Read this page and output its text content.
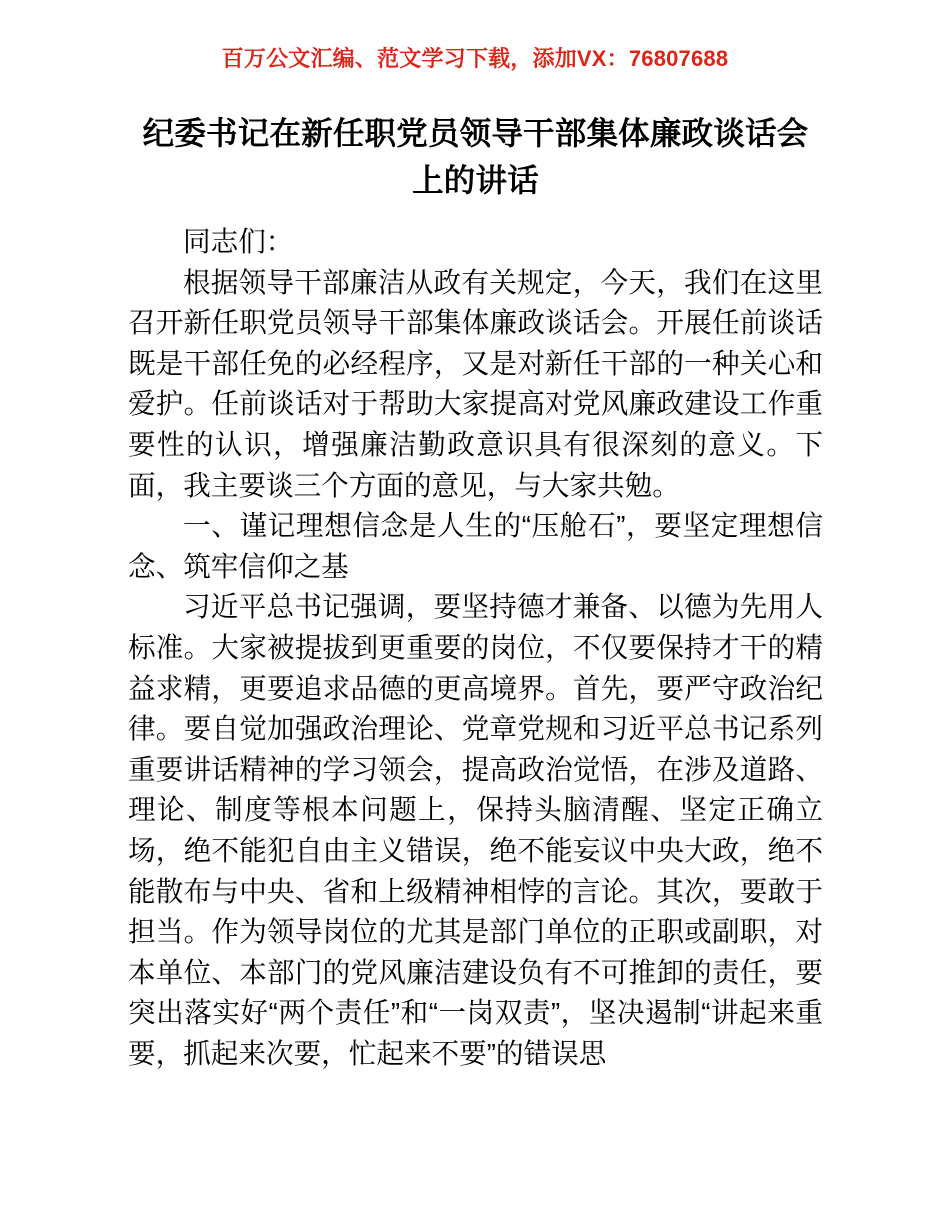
百万公文汇编、范文学习下载，添加VX：76807688
纪委书记在新任职党员领导干部集体廉政谈话会上的讲话

同志们：

根据领导干部廉洁从政有关规定，今天，我们在这里召开新任职党员领导干部集体廉政谈话会。开展任前谈话既是干部任免的必经程序，又是对新任干部的一种关心和爱护。任前谈话对于帮助大家提高对党风廉政建设工作重要性的认识，增强廉洁勤政意识具有很深刻的意义。下面，我主要谈三个方面的意见，与大家共勉。

一、谨记理想信念是人生的“压舱石”，要坚定理想信念、筑牢信仰之基

习近平总书记强调，要坚持德才兼备、以德为先用人标准。大家被提拔到更重要的岗位，不仅要保持才干的精益求精，更要追求品德的更高境界。首先，要严守政治纪律。要自觉加强政治理论、党章党规和习近平总书记系列重要讲话精神的学习领会，提高政治觉悟，在涉及道路、理论、制度等根本问题上，保持头脑清醒、坚定正确立场，绝不能犯自由主义错误，绝不能妄议中央大政，绝不能散布与中央、省和上级精神相悖的言论。其次，要敢于担当。作为领导岗位的尤其是部门单位的正职或副职，对本单位、本部门的党风廉洁建设负有不可推卸的责任，要突出落实好“两个责任”和“一岗双责”，坚决遏制“讲起来重要，抓起来次要，忙起来不要”的错误思
